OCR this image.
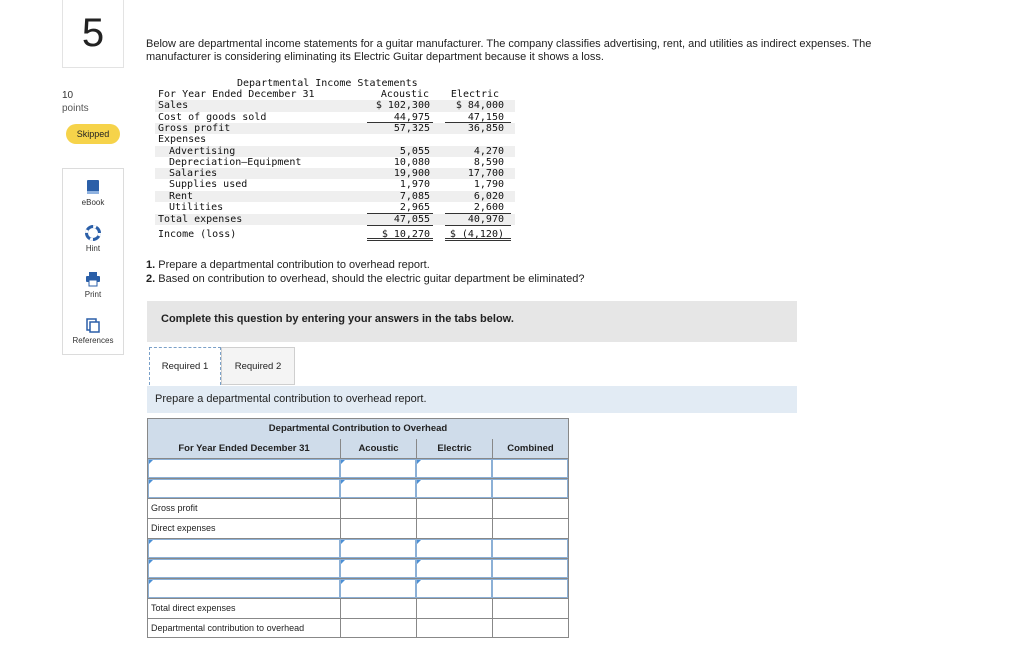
5
10
points
Skipped
eBook
Hint
Print
References
Below are departmental income statements for a guitar manufacturer. The company classifies advertising, rent, and utilities as indirect expenses. The manufacturer is considering eliminating its Electric Guitar department because it shows a loss.
Departmental Income Statements
For Year Ended December 31	Acoustic	Electric
Sales	$ 102,300	$ 84,000
Cost of goods sold	44,975	47,150
Gross profit	57,325	36,850
Expenses
Advertising	5,055	4,270
Depreciation—Equipment	10,080	8,590
Salaries	19,900	17,700
Supplies used	1,970	1,790
Rent	7,085	6,020
Utilities	2,965	2,600
Total expenses	47,055	40,970
Income (loss)	$ 10,270 $ (4,120)
1. Prepare a departmental contribution to overhead report.
2. Based on contribution to overhead, should the electric guitar department be eliminated?
Complete this question by entering your answers in the tabs below.
Required 1	Required 2
Prepare a departmental contribution to overhead report.
Departmental Contribution to Overhead
For Year Ended December 31	Acoustic	Electric	Combined
Gross profit
Direct expenses
Total direct expenses
Departmental contribution to overhead
